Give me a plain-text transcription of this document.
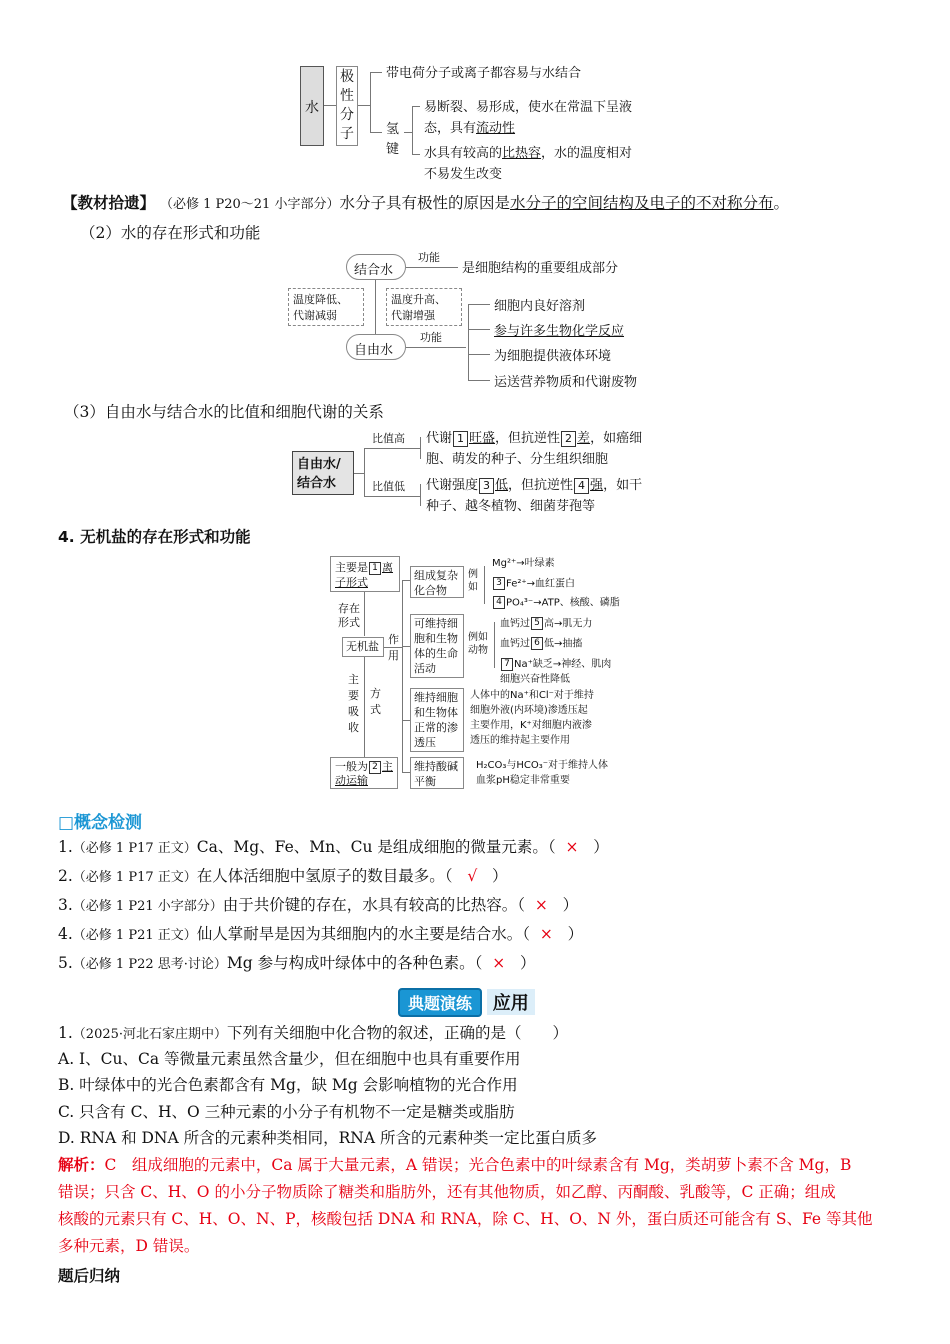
水
极性分子
带电荷分子或离子都容易与水结合
氢键
易断裂、易形成，使水在常温下呈液
态，具有流动性
水具有较高的比热容，水的温度相对
不易发生改变
【教材拾遗】 （必修 1 P20～21 小字部分）水分子具有极性的原因是水分子的空间结构及电子的不对称分布。
（2）水的存在形式和功能
结合水
功能
是细胞结构的重要组成部分
温度降低、
代谢减弱
温度升高、
代谢增强
自由水
功能
细胞内良好溶剂
参与许多生物化学反应
为细胞提供液体环境
运送营养物质和代谢废物
（3）自由水与结合水的比值和细胞代谢的关系
自由水/
结合水
比值高
比值低
代谢 1 旺盛，但抗逆性 2 差，如癌细
胞、萌发的种子、分生组织细胞
代谢强度 3 低，但抗逆性 4 强，如干
种子、越冬植物、细菌芽孢等
4. 无机盐的存在形式和功能
主要是 1 离
子形式
存在形式
无机盐
主要吸收
方式
一般为 2 主
动运输
作用
组成复杂
化合物
例如
Mg²⁺→叶绿素
3 Fe²⁺→血红蛋白
4 PO₄³⁻→ATP、核酸、磷脂
可维持细
胞和生物
体的生命
活动
例如动物
血钙过 5 高→肌无力
血钙过 6 低→抽搐
7 Na⁺缺乏→神经、肌肉
细胞兴奋性降低
维持细胞
和生物体
正常的渗
透压
人体中的Na⁺和Cl⁻对于维持
细胞外液(内环境)渗透压起
主要作用，K⁺对细胞内液渗
透压的维持起主要作用
维持酸碱
平衡
H₂CO₃与HCO₃⁻对于维持人体
血浆pH稳定非常重要
□概念检测
1.（必修 1 P17 正文）Ca、Mg、Fe、Mn、Cu 是组成细胞的微量元素。（ × ）
2.（必修 1 P17 正文）在人体活细胞中氢原子的数目最多。（ √ ）
3.（必修 1 P21 小字部分）由于共价键的存在，水具有较高的比热容。（ × ）
4.（必修 1 P21 正文）仙人掌耐旱是因为其细胞内的水主要是结合水。（ × ）
5.（必修 1 P22 思考·讨论）Mg 参与构成叶绿体中的各种色素。（ × ）
典题演练 应用
1.（2025·河北石家庄期中）下列有关细胞中化合物的叙述，正确的是（　　）
A. I、Cu、Ca 等微量元素虽然含量少，但在细胞中也具有重要作用
B. 叶绿体中的光合色素都含有 Mg，缺 Mg 会影响植物的光合作用
C. 只含有 C、H、O 三种元素的小分子有机物不一定是糖类或脂肪
D. RNA 和 DNA 所含的元素种类相同，RNA 所含的元素种类一定比蛋白质多
解析：C　组成细胞的元素中，Ca 属于大量元素，A 错误；光合色素中的叶绿素含有 Mg，类胡萝卜素不含 Mg，B
错误；只含 C、H、O 的小分子物质除了糖类和脂肪外，还有其他物质，如乙醇、丙酮酸、乳酸等，C 正确；组成
核酸的元素只有 C、H、O、N、P，核酸包括 DNA 和 RNA，除 C、H、O、N 外，蛋白质还可能含有 S、Fe 等其他
多种元素，D 错误。
题后归纳
